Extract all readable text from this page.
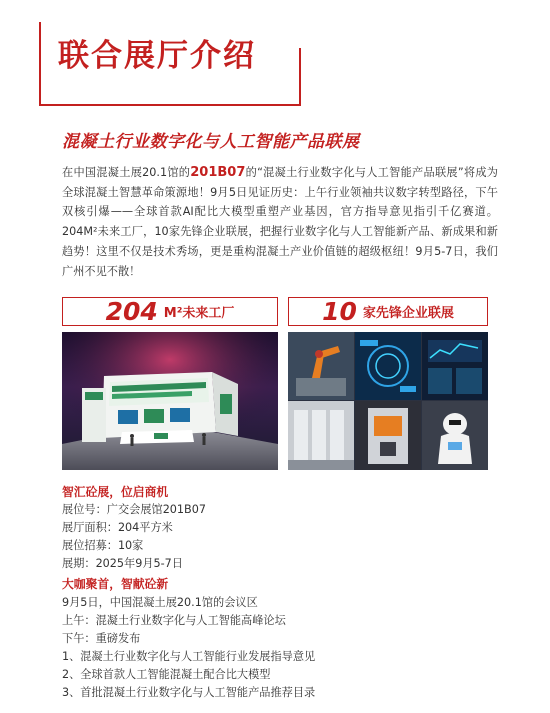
联合展厅介绍
混凝土行业数字化与人工智能产品联展

在中国混凝土展20.1馆的201B07的“混凝土行业数字化与人工智能产品联展”将成为全球混凝土智慧革命策源地！9月5日见证历史：上午行业领袖共议数字转型路径，下午双核引爆——全球首款AI配比大模型重塑产业基因，官方指导意见指引千亿赛道。204M²未来工厂，10家先锋企业联展，把握行业数字化与人工智能新产品、新成果和新趋势！这里不仅是技术秀场，更是重构混凝土产业价值链的超级枢纽！9月5-7日，我们广州不见不散！

204 M²未来工厂	10 家先锋企业联展
智汇砼展，位启商机
展位号：广交会展馆201B07
展厅面积：204平方米
展位招募：10家
展期：2025年9月5-7日
大咖聚首，智献砼新
9月5日，中国混凝土展20.1馆的会议区
上午：混凝土行业数字化与人工智能高峰论坛
下午：重磅发布
1、混凝土行业数字化与人工智能行业发展指导意见
2、全球首款人工智能混凝土配合比大模型
3、首批混凝土行业数字化与人工智能产品推荐目录
